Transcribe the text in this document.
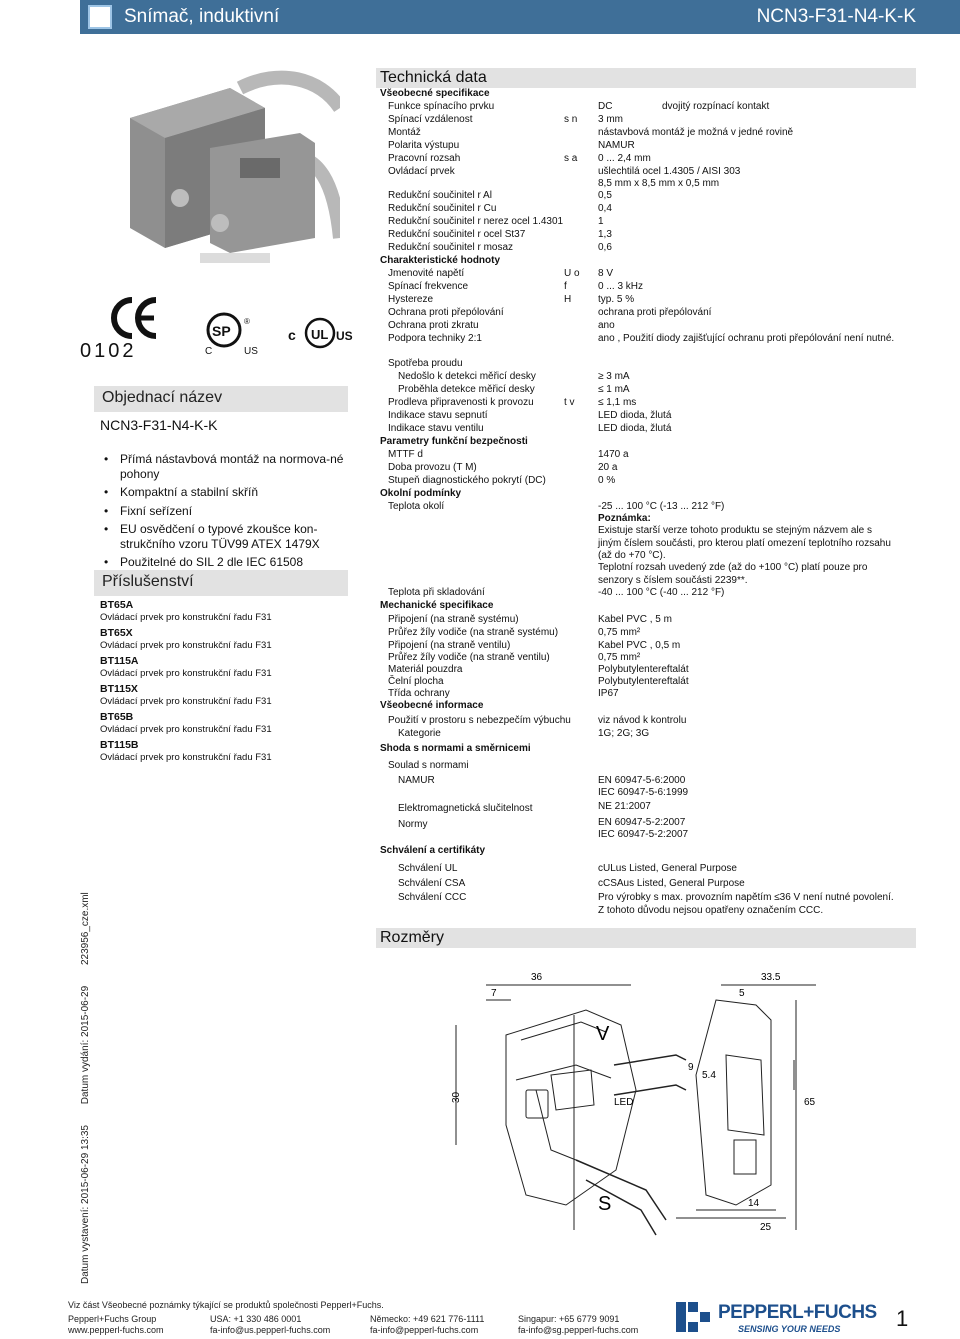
Snímač, induktivní	NCN3-F31-N4-K-K
Datum vystavení: 2015-06-29 13:35 Datum vydání: 2015-06-29 223956_cze.xml
0102
SP
®
C	US
c UL US
Objednací název
NCN3-F31-N4-K-K
• Přímá nástavbová montáž na normova-né pohony
• Kompaktní a stabilní skříň
• Fixní seřízení
• EU osvědčení o typové zkoušce kon-strukčního vzoru TÜV99 ATEX 1479X
• Použitelné do SIL 2 dle IEC 61508
Příslušenství
BT65A
Ovládací prvek pro konstrukční řadu F31
BT65X
Ovládací prvek pro konstrukční řadu F31
BT115A
Ovládací prvek pro konstrukční řadu F31
BT115X
Ovládací prvek pro konstrukční řadu F31
BT65B
Ovládací prvek pro konstrukční řadu F31
BT115B
Ovládací prvek pro konstrukční řadu F31
Technická data
Všeobecné specifikace
Funkce spínacího prvku	DC	dvojitý rozpínací kontakt
Spínací vzdálenost	s n 3 mm
Montáž	nástavbová montáž je možná v jedné rovině
Polarita výstupu	NAMUR
Pracovní rozsah	s a 0 ... 2,4 mm
Ovládací prvek	ušlechtilá ocel 1.4305 / AISI 303
8,5 mm x 8,5 mm x 0,5 mm
Redukční součinitel r Al	0,5
Redukční součinitel r Cu	0,4
Redukční součinitel r nerez ocel 1.4301	1
Redukční součinitel r ocel St37	1,3
Redukční součinitel r mosaz	0,6
Charakteristické hodnoty
Jmenovité napětí	U o 8 V
Spínací frekvence	f	0 ... 3 kHz
Hystereze	H	typ. 5 %
Ochrana proti přepólování	ochrana proti přepólování
Ochrana proti zkratu	ano
Podpora techniky 2:1	ano , Použití diody zajišťující ochranu proti přepólování není nutné.
Spotřeba proudu
Nedošlo k detekci měřicí desky	≥ 3 mA
Proběhla detekce měřicí desky	≤ 1 mA
Prodleva připravenosti k provozu	t v ≤ 1,1 ms
Indikace stavu sepnutí	LED dioda, žlutá
Indikace stavu ventilu	LED dioda, žlutá
Parametry funkční bezpečnosti
MTTF d	1470 a
Doba provozu (T M)	20 a
Stupeň diagnostického pokrytí (DC)	0 %
Okolní podmínky
Teplota okolí	-25 ... 100 °C (-13 ... 212 °F)
Poznámka:
Existuje starší verze tohoto produktu se stejným názvem ale s jiným číslem součásti, pro kterou platí omezení teplotního rozsahu (až do +70 °C).
Teplotní rozsah uvedený zde (až do +100 °C) platí pouze pro senzory s číslem součásti 2239**.
Teplota při skladování	-40 ... 100 °C (-40 ... 212 °F)
Mechanické specifikace
Připojení (na straně systému)	Kabel PVC , 5 m
Průřez žíly vodiče (na straně systému)	0,75 mm²
Připojení (na straně ventilu)	Kabel PVC , 0,5 m
Průřez žíly vodiče (na straně ventilu)	0,75 mm²
Materiál pouzdra	Polybutylentereftalát
Čelní plocha	Polybutylentereftalát
Třída ochrany	IP67
Všeobecné informace
Použití v prostoru s nebezpečím výbuchu	viz návod k kontrolu
Kategorie	1G; 2G; 3G
Shoda s normami a směrnicemi
Soulad s normami
NAMUR	EN 60947-5-6:2000
IEC 60947-5-6:1999
Elektromagnetická slučitelnost	NE 21:2007
Normy	EN 60947-5-2:2007
IEC 60947-5-2:2007
Schválení a certifikáty
Schválení UL	cULus Listed, General Purpose
Schválení CSA	cCSAus Listed, General Purpose
Schválení CCC	Pro výrobky s max. provozním napětím ≤36 V není nutné povolení. Z tohoto důvodu nejsou opatřeny označením CCC.
Rozměry
36
7
V
30	LED
S
33.5
5
9
5.4
65
14
25
Viz část Všeobecné poznámky týkající se produktů společnosti Pepperl+Fuchs.
Pepperl+Fuchs Group
www.pepperl-fuchs.com
USA: +1 330 486 0001
fa-info@us.pepperl-fuchs.com
Německo: +49 621 776-1111
fa-info@pepperl-fuchs.com
Singapur: +65 6779 9091
fa-info@sg.pepperl-fuchs.com
PEPPERL+FUCHS
SENSING YOUR NEEDS	1
